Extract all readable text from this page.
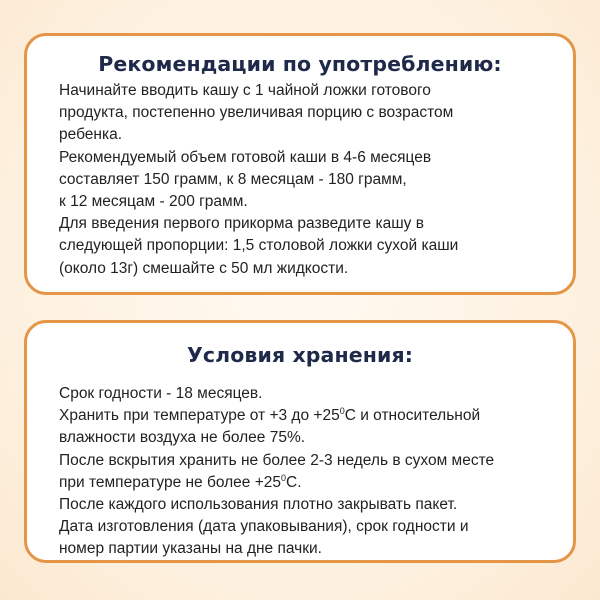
Рекомендации по употреблению:
Начинайте вводить кашу с 1 чайной ложки готового
продукта, постепенно увеличивая порцию с возрастом
ребенка.
Рекомендуемый объем готовой каши в 4-6 месяцев
составляет 150 грамм, к 8 месяцам - 180 грамм,
к 12 месяцам - 200 грамм.
Для введения первого прикорма разведите кашу в
следующей пропорции: 1,5 столовой ложки сухой каши
(около 13г) смешайте с 50 мл жидкости.
Условия хранения:
Срок годности - 18 месяцев.
Хранить при температуре от +3 до $+25^0С$ и относительной
влажности воздуха не более 75%.
После вскрытия хранить не более 2-3 недель в сухом месте
при температуре не более $+25^0С$.
После каждого использования плотно закрывать пакет.
Дата изготовления (дата упаковывания), срок годности и
номер партии указаны на дне пачки.
